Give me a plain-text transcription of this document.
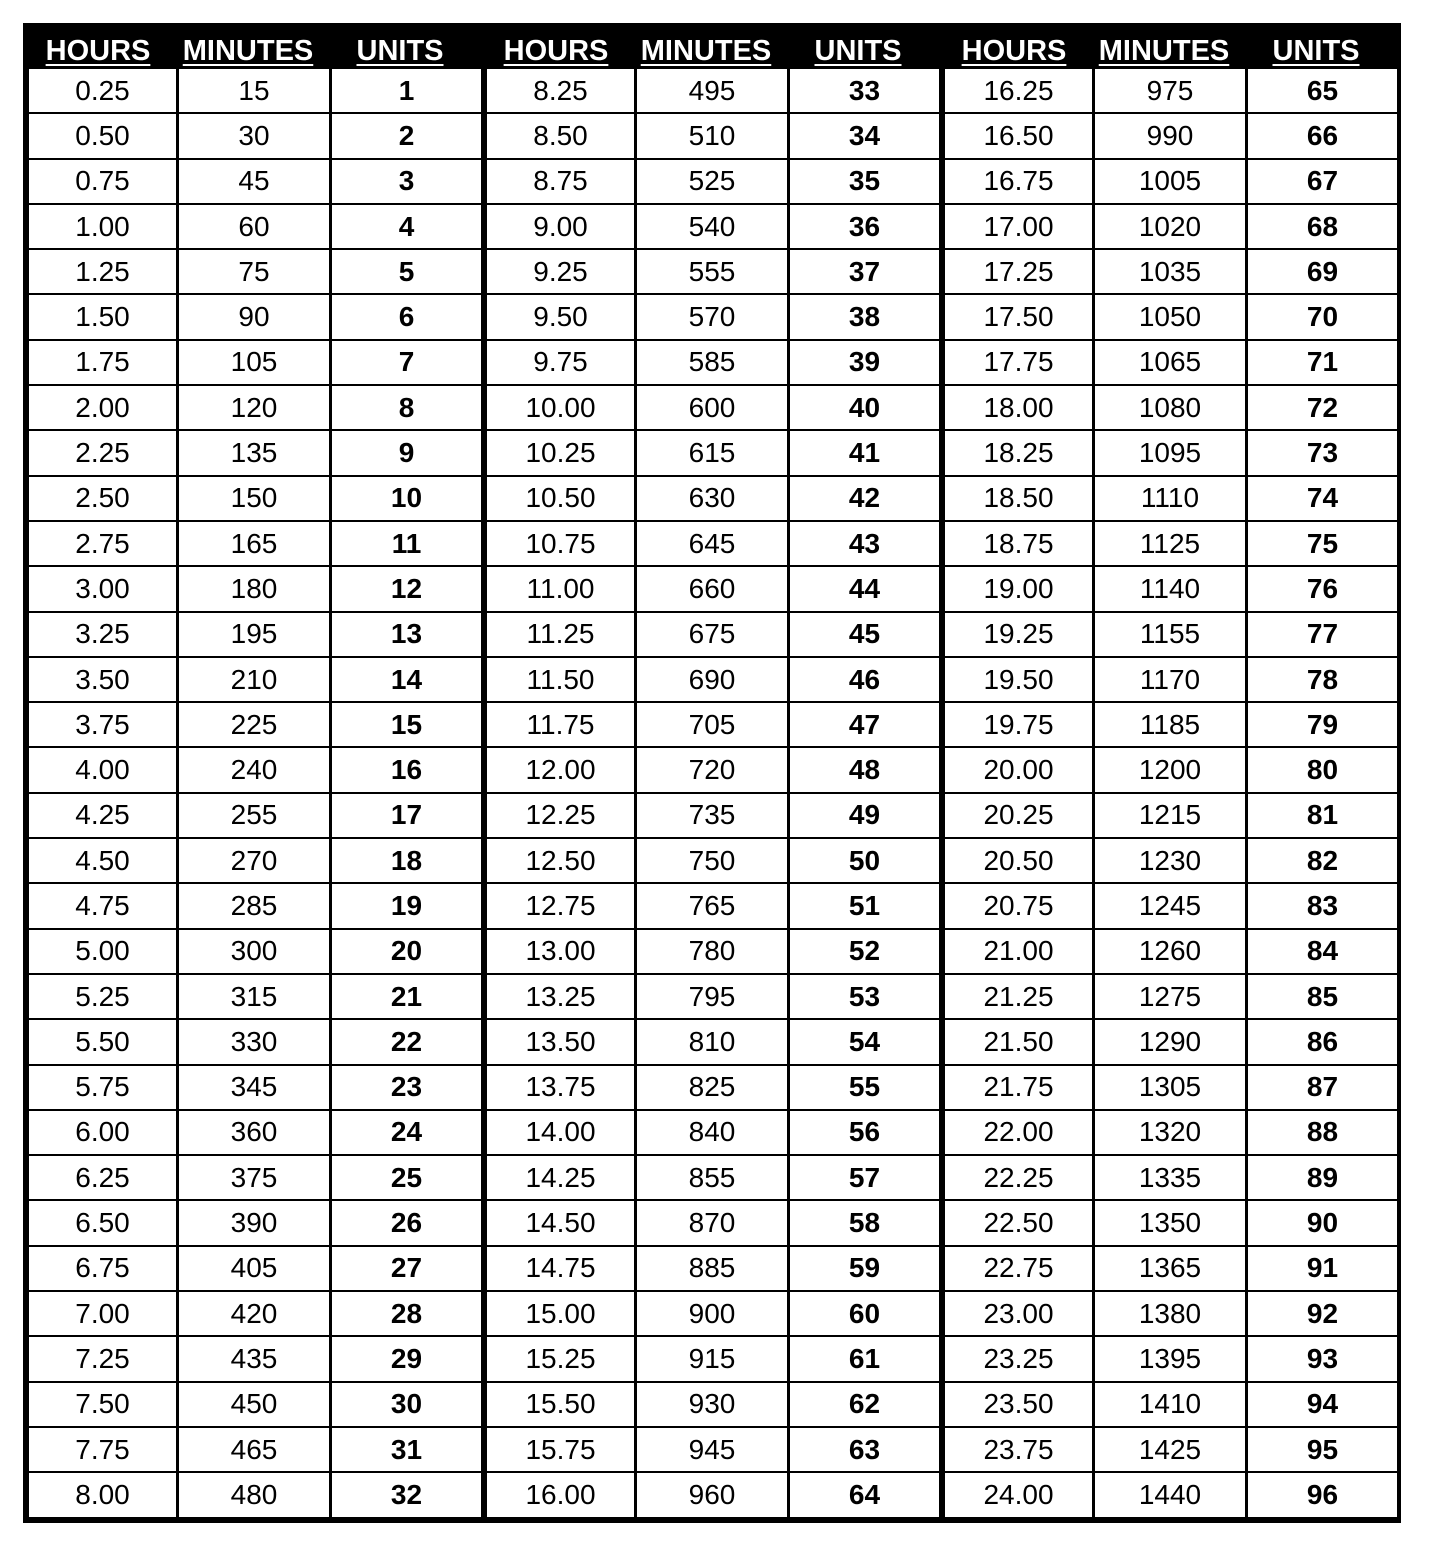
HOURS	MINUTES	UNITS
0.25	15	1
0.50	30	2
0.75	45	3
1.00	60	4
1.25	75	5
1.50	90	6
1.75	105	7
2.00	120	8
2.25	135	9
2.50	150	10
2.75	165	11
3.00	180	12
3.25	195	13
3.50	210	14
3.75	225	15
4.00	240	16
4.25	255	17
4.50	270	18
4.75	285	19
5.00	300	20
5.25	315	21
5.50	330	22
5.75	345	23
6.00	360	24
6.25	375	25
6.50	390	26
6.75	405	27
7.00	420	28
7.25	435	29
7.50	450	30
7.75	465	31
8.00	480	32
HOURS	MINUTES	UNITS
8.25	495	33
8.50	510	34
8.75	525	35
9.00	540	36
9.25	555	37
9.50	570	38
9.75	585	39
10.00	600	40
10.25	615	41
10.50	630	42
10.75	645	43
11.00	660	44
11.25	675	45
11.50	690	46
11.75	705	47
12.00	720	48
12.25	735	49
12.50	750	50
12.75	765	51
13.00	780	52
13.25	795	53
13.50	810	54
13.75	825	55
14.00	840	56
14.25	855	57
14.50	870	58
14.75	885	59
15.00	900	60
15.25	915	61
15.50	930	62
15.75	945	63
16.00	960	64
HOURS	MINUTES	UNITS
16.25	975	65
16.50	990	66
16.75	1005	67
17.00	1020	68
17.25	1035	69
17.50	1050	70
17.75	1065	71
18.00	1080	72
18.25	1095	73
18.50	1110	74
18.75	1125	75
19.00	1140	76
19.25	1155	77
19.50	1170	78
19.75	1185	79
20.00	1200	80
20.25	1215	81
20.50	1230	82
20.75	1245	83
21.00	1260	84
21.25	1275	85
21.50	1290	86
21.75	1305	87
22.00	1320	88
22.25	1335	89
22.50	1350	90
22.75	1365	91
23.00	1380	92
23.25	1395	93
23.50	1410	94
23.75	1425	95
24.00	1440	96
